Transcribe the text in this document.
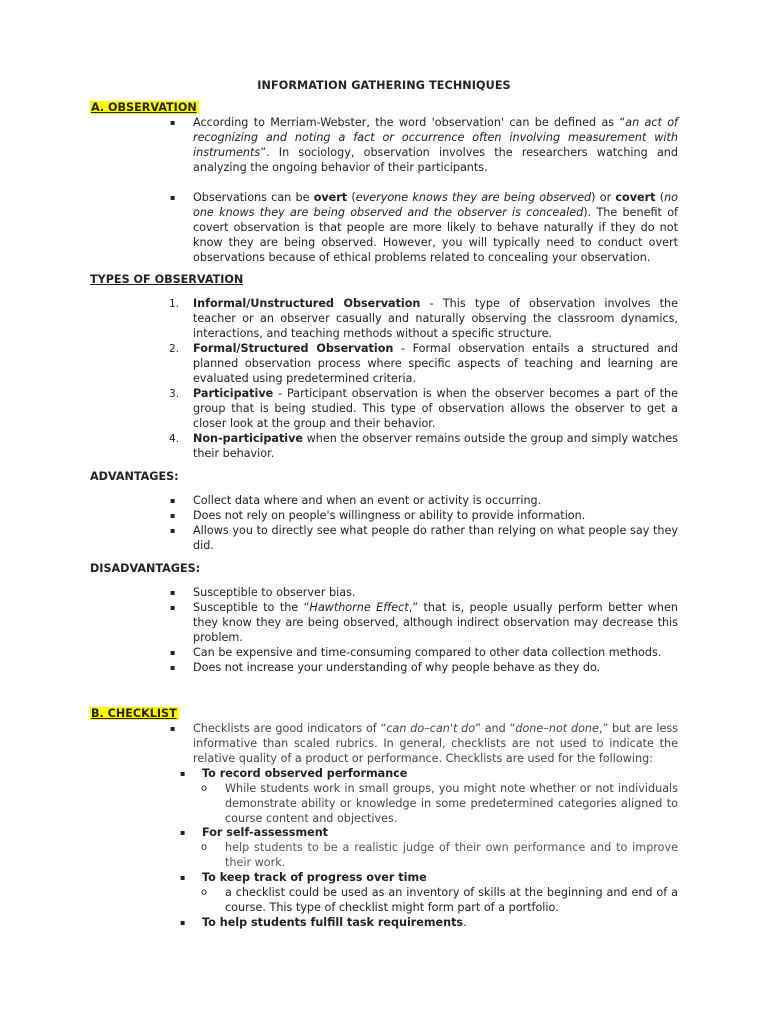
INFORMATION GATHERING TECHNIQUES
A. OBSERVATION
▪	According to Merriam-Webster, the word 'observation' can be defined as “an act of recognizing and noting a fact or occurrence often involving measurement with instruments”. In sociology, observation involves the researchers watching and analyzing the ongoing behavior of their participants.

▪	Observations can be overt (everyone knows they are being observed) or covert (no one knows they are being observed and the observer is concealed). The benefit of covert observation is that people are more likely to behave naturally if they do not know they are being observed. However, you will typically need to conduct overt observations because of ethical problems related to concealing your observation.

TYPES OF OBSERVATION
1.	Informal/Unstructured Observation - This type of observation involves the teacher or an observer casually and naturally observing the classroom dynamics, interactions, and teaching methods without a specific structure.

2.	Formal/Structured Observation - Formal observation entails a structured and planned observation process where specific aspects of teaching and learning are evaluated using predetermined criteria.

3.	Participative - Participant observation is when the observer becomes a part of the group that is being studied. This type of observation allows the observer to get a closer look at the group and their behavior.

4.	Non-participative when the observer remains outside the group and simply watches their behavior.

ADVANTAGES:
▪	Collect data where and when an event or activity is occurring.

▪	Does not rely on people's willingness or ability to provide information.

▪	Allows you to directly see what people do rather than relying on what people say they did.

DISADVANTAGES:
▪	Susceptible to observer bias.

▪	Susceptible to the “Hawthorne Effect,” that is, people usually perform better when they know they are being observed, although indirect observation may decrease this problem.

▪	Can be expensive and time-consuming compared to other data collection methods.

▪	Does not increase your understanding of why people behave as they do.

B. CHECKLIST
▪	Checklists are good indicators of “can do–can't do” and “done–not done,” but are less informative than scaled rubrics. In general, checklists are not used to indicate the relative quality of a product or performance. Checklists are used for the following:

▪	To record observed performance
o While students work in small groups, you might note whether or not individuals demonstrate ability or knowledge in some predetermined categories aligned to course content and objectives.

▪	For self-assessment
o help students to be a realistic judge of their own performance and to improve their work.

▪	To keep track of progress over time
o a checklist could be used as an inventory of skills at the beginning and end of a course. This type of checklist might form part of a portfolio.

▪	To help students fulfill task requirements.
